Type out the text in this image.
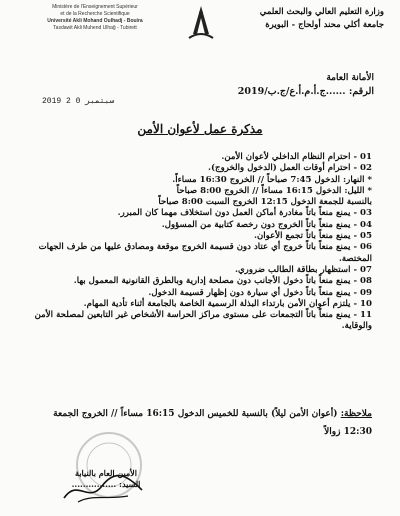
Ministère de l'Enseignement Supérieur
et de la Recherche Scientifique
Université Akli Mohand Oulhadj - Bouira
Tasdawit Akli Muhend Ulhağ - Tubirett
وزارة التعليم العالي والبحث العلمي
جامعة أكلي محند أولحاج - البويرة
الأمانة العامة
الرقم: ......ج.أ.م.أ.ع/ج.ب/2019
2019 سبتمبر 0 2
مذكرة عمل لأعوان الأمن

01 - احترام النظام الداخلي لأعوان الأمن.

02 - احترام أوقات العمل (الدخول والخروج).

* النهار: الدخول 7:45 صباحاً // الخروج 16:30 مساءاً.

* الليل: الدخول 16:15 مساءاً // الخروج 8:00 صباحاً

بالنسبة للجمعة الدخول 12:15 الخروج السبت 8:00 صباحاً

03 - يمنع منعاً باتاً مغادرة أماكن العمل دون استخلاف مهما كان المبرر.

04 - يمنع منعاً باتاً الخروج دون رخصة كتابية من المسؤول.

05 - يمنع منعاً باتاً تجمع الأعوان.

06 - يمنع منعاً باتاً خروج أي عتاد دون قسيمة الخروج موقعة ومصادق عليها من طرف الجهات المختصة.

07 - استظهار بطاقة الطالب ضروري.

08 - يمنع منعاً باتاً دخول الأجانب دون مصلحة إدارية وبالطرق القانونية المعمول بها.

09 - يمنع منعاً باتاً دخول أي سيارة دون إظهار قسيمة الدخول.

10 - يلتزم أعوان الأمن بارتداء البذلة الرسمية الخاصة بالجامعة أثناء تأدية المهام.

11 - يمنع منعاً باتاً التجمعات على مستوى مراكز الحراسة الأشخاص غير التابعين لمصلحة الأمن والوقاية.

ملاحظة: (أعوان الأمن ليلاً) بالنسبة للخميس الدخول 16:15 مساءاً // الخروج الجمعة
12:30 زوالاً
الأمين العام بالنيابة
السيد: ................
